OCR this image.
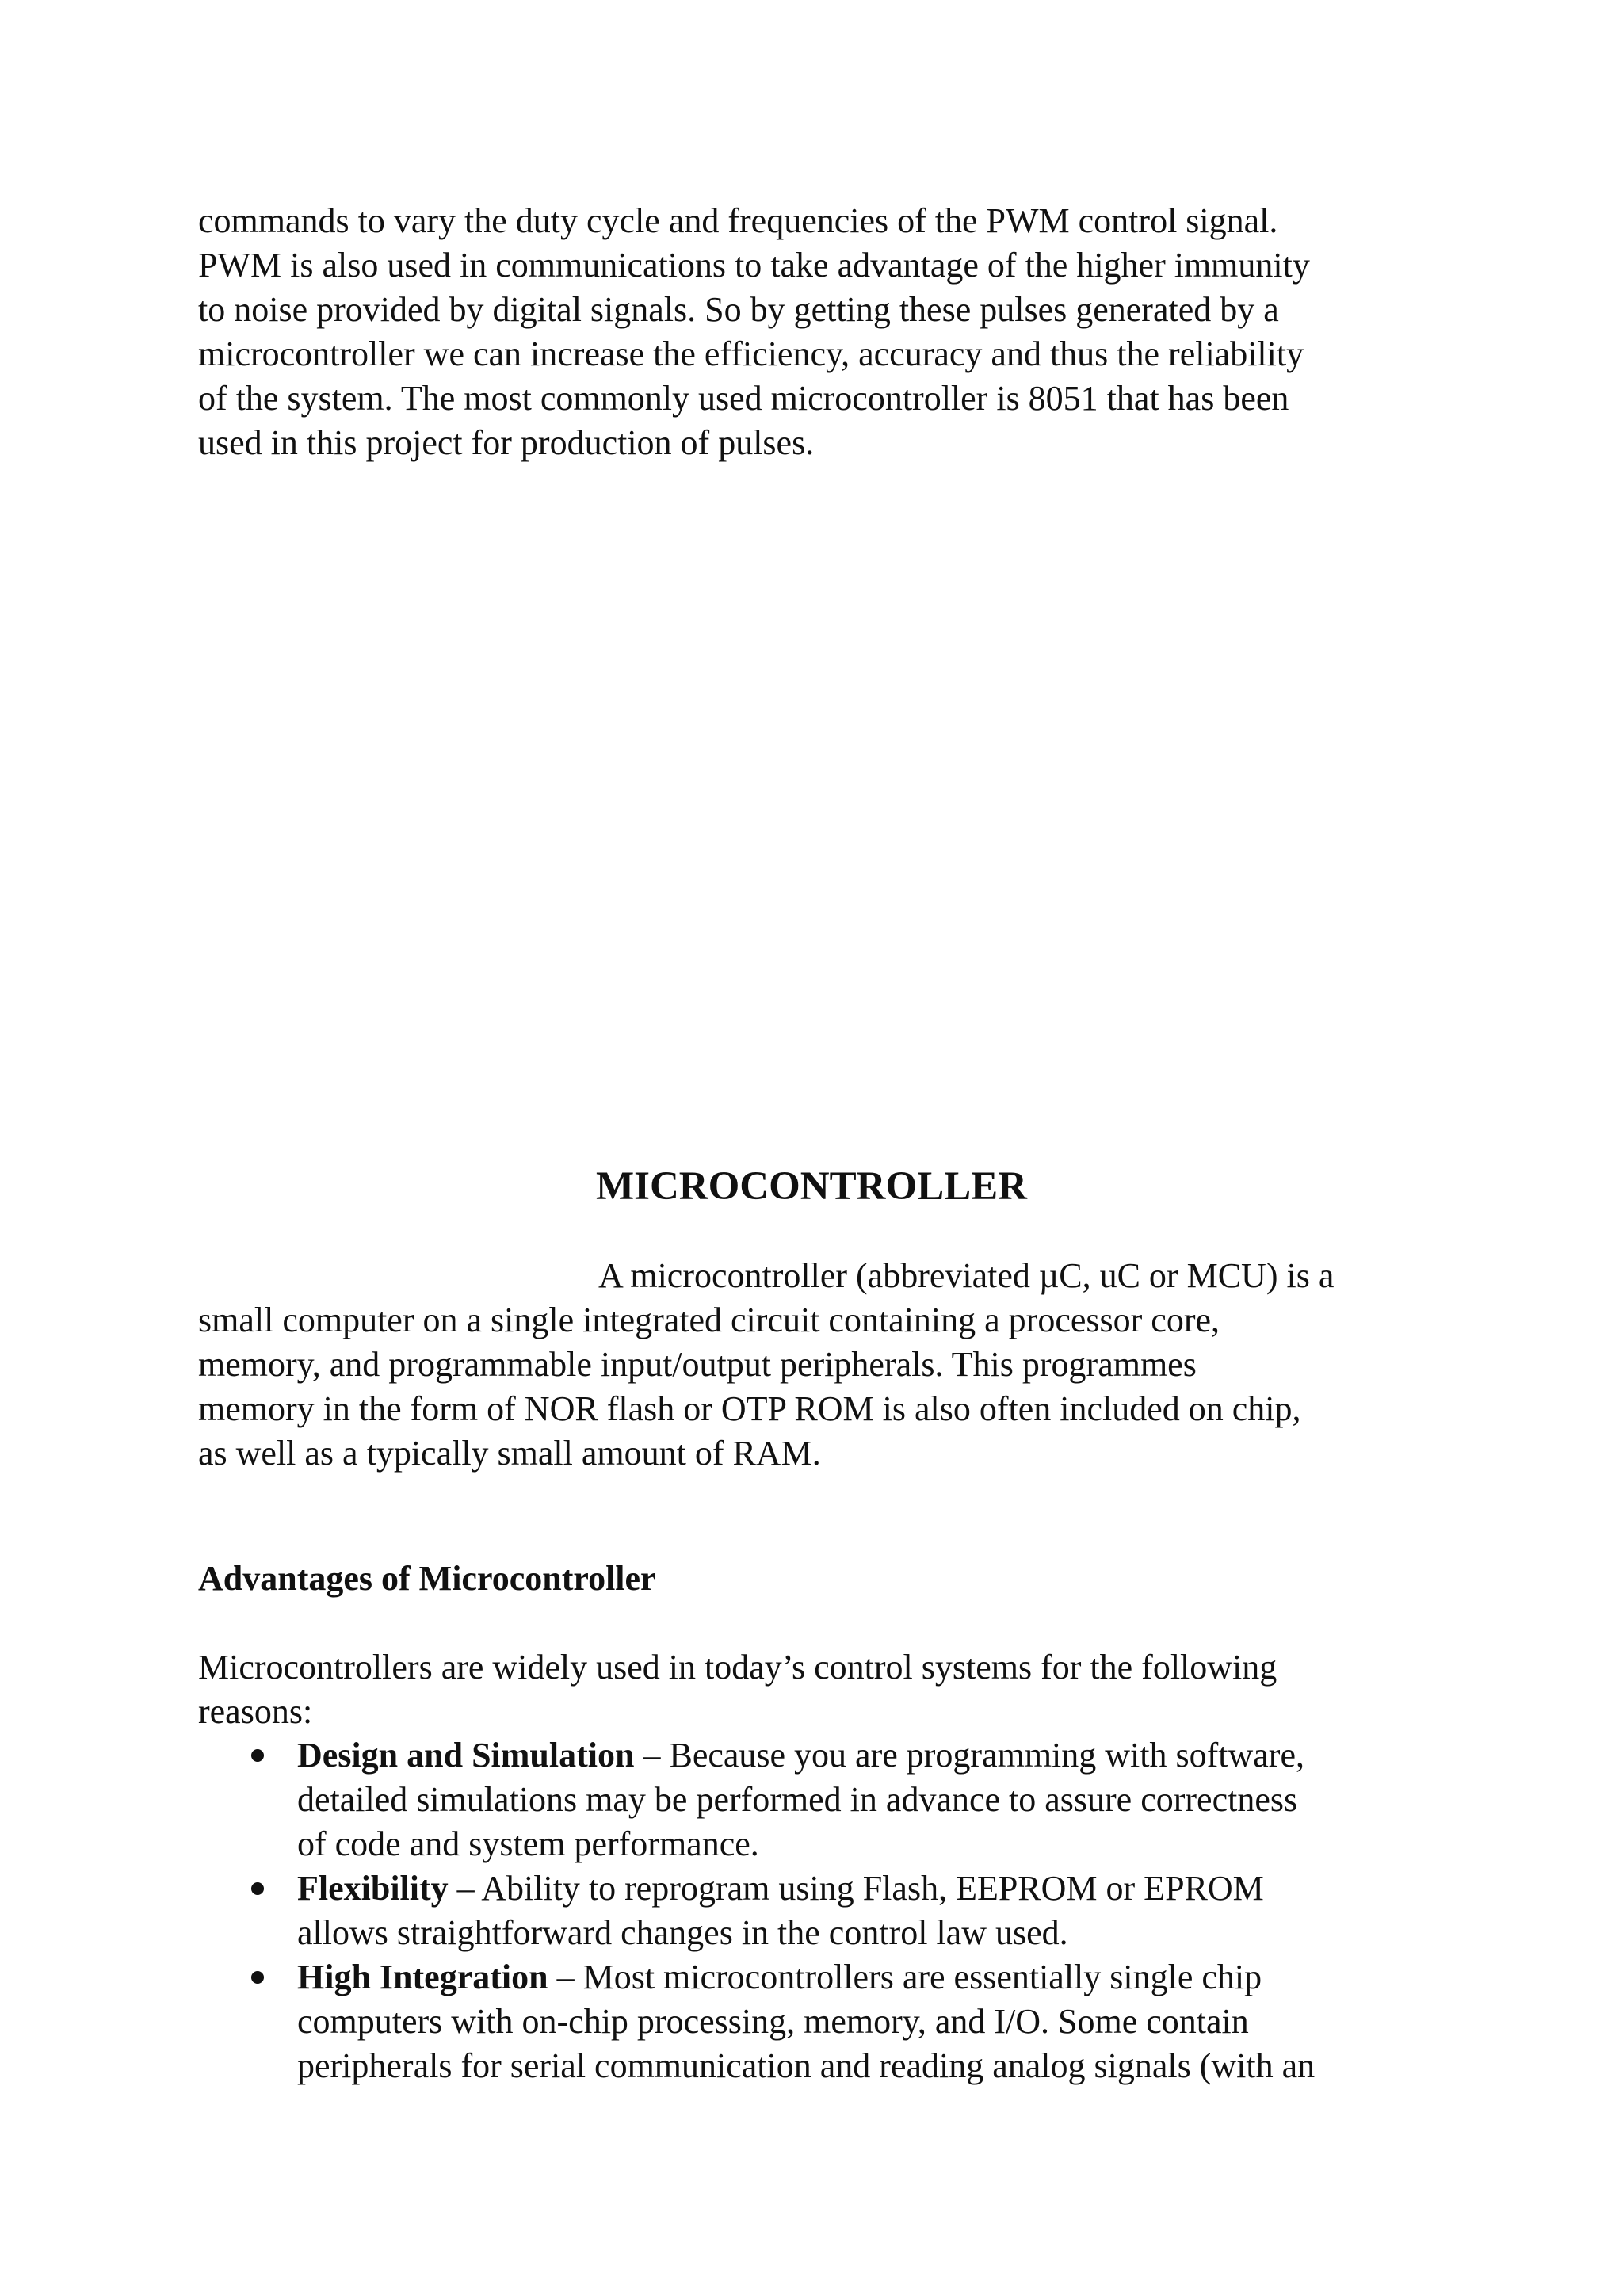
commands to vary the duty cycle and frequencies of the PWM control signal.
PWM is also used in communications to take advantage of the higher immunity
to noise provided by digital signals. So by getting these pulses generated by a
microcontroller we can increase the efficiency, accuracy and thus the reliability
of the system. The most commonly used microcontroller is 8051 that has been
used in this project for production of pulses.
MICROCONTROLLER
A microcontroller (abbreviated µC, uC or MCU) is a
small computer on a single integrated circuit containing a processor core,
memory, and programmable input/output peripherals. This programmes
memory in the form of NOR flash or OTP ROM is also often included on chip,
as well as a typically small amount of RAM.
Advantages of Microcontroller
Microcontrollers are widely used in today’s control systems for the following
reasons:
Design and Simulation – Because you are programming with software,
detailed simulations may be performed in advance to assure correctness
of code and system performance.
Flexibility – Ability to reprogram using Flash, EEPROM or EPROM
allows straightforward changes in the control law used.
High Integration – Most microcontrollers are essentially single chip
computers with on-chip processing, memory, and I/O. Some contain
peripherals for serial communication and reading analog signals (with an
